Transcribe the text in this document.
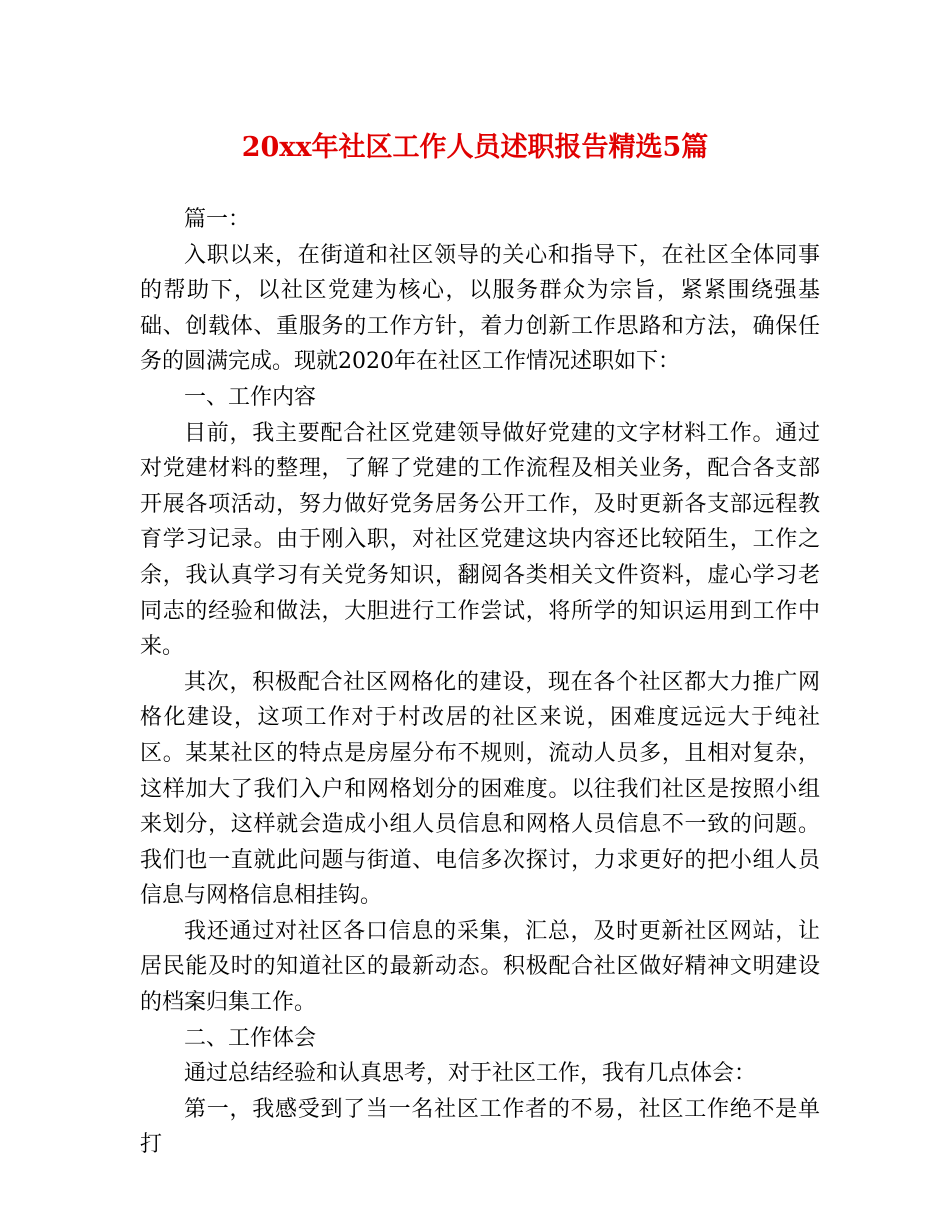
20xx年社区工作人员述职报告精选5篇

篇一：

入职以来，在街道和社区领导的关心和指导下，在社区全体同事的帮助下，以社区党建为核心，以服务群众为宗旨，紧紧围绕强基础、创载体、重服务的工作方针，着力创新工作思路和方法，确保任务的圆满完成。现就2020年在社区工作情况述职如下：

一、工作内容

目前，我主要配合社区党建领导做好党建的文字材料工作。通过对党建材料的整理，了解了党建的工作流程及相关业务，配合各支部开展各项活动，努力做好党务居务公开工作，及时更新各支部远程教育学习记录。由于刚入职，对社区党建这块内容还比较陌生，工作之余，我认真学习有关党务知识，翻阅各类相关文件资料，虚心学习老同志的经验和做法，大胆进行工作尝试，将所学的知识运用到工作中来。

其次，积极配合社区网格化的建设，现在各个社区都大力推广网格化建设，这项工作对于村改居的社区来说，困难度远远大于纯社区。某某社区的特点是房屋分布不规则，流动人员多，且相对复杂，这样加大了我们入户和网格划分的困难度。以往我们社区是按照小组来划分，这样就会造成小组人员信息和网格人员信息不一致的问题。我们也一直就此问题与街道、电信多次探讨，力求更好的把小组人员信息与网格信息相挂钩。

我还通过对社区各口信息的采集，汇总，及时更新社区网站，让居民能及时的知道社区的最新动态。积极配合社区做好精神文明建设的档案归集工作。

二、工作体会

通过总结经验和认真思考，对于社区工作，我有几点体会：

第一，我感受到了当一名社区工作者的不易，社区工作绝不是单打
